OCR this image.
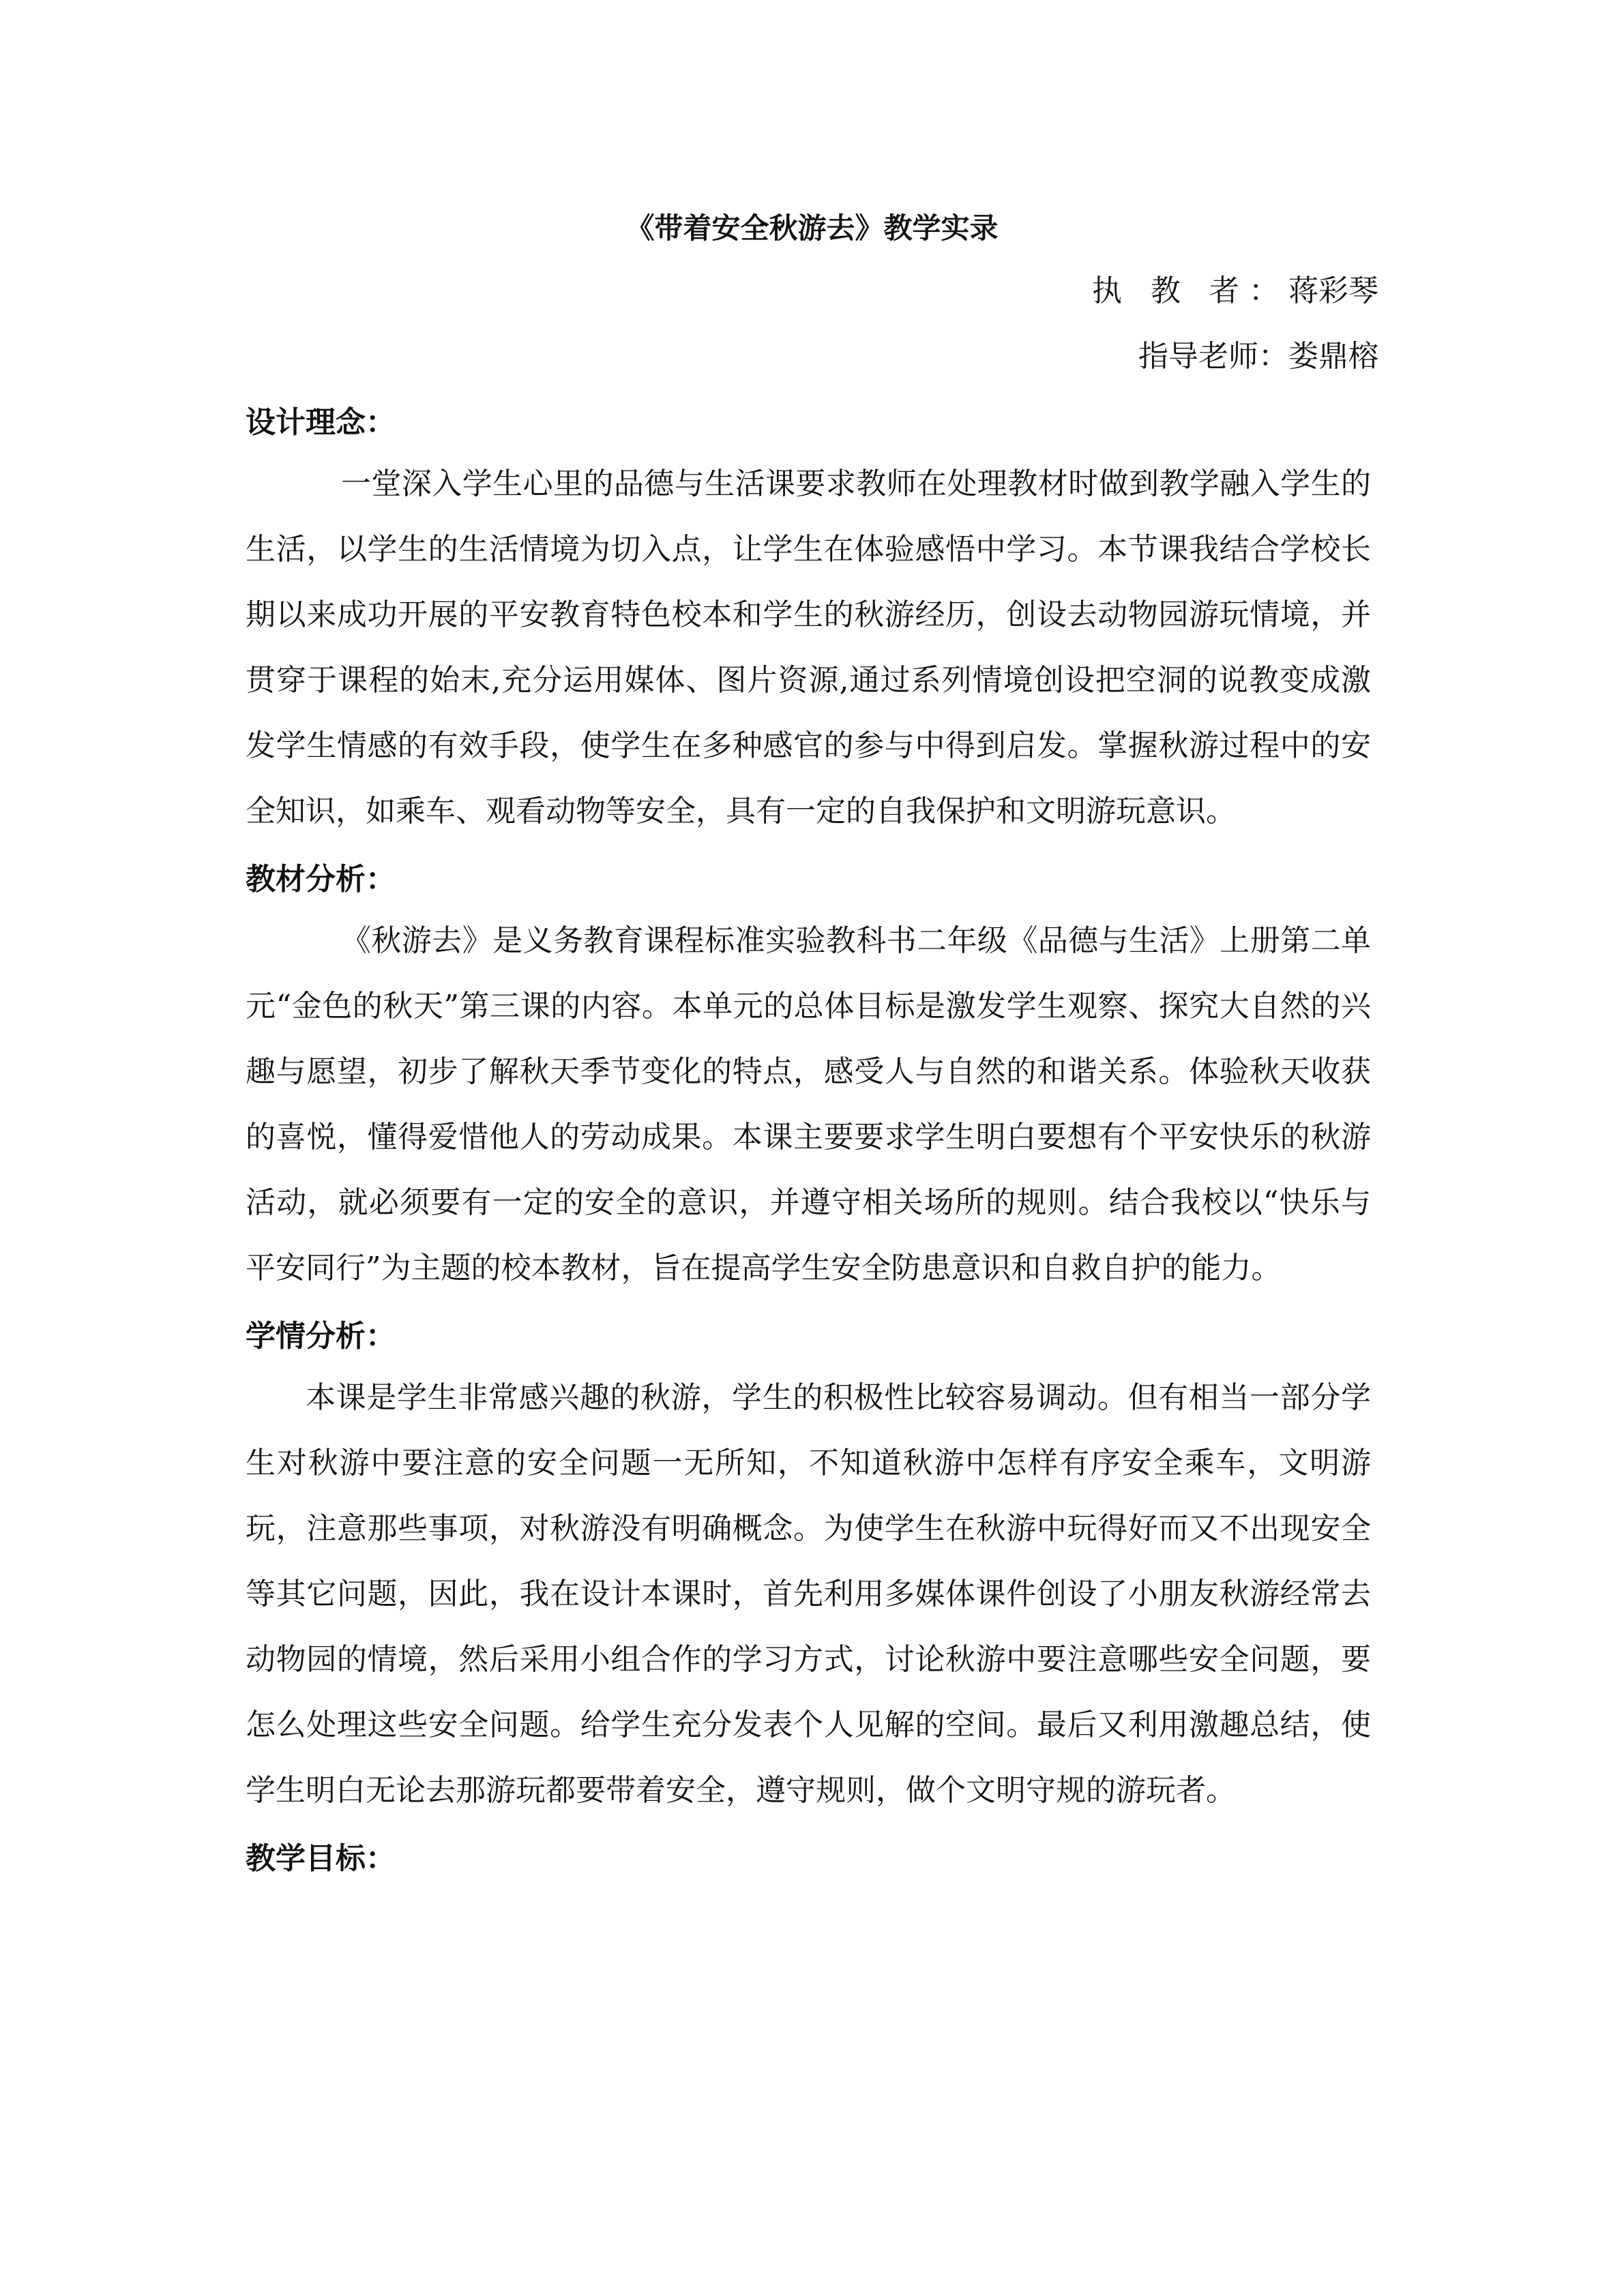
《带着安全秋游去》教学实录
执 教 者：蒋彩琴
指导老师：娄鼎榕
设计理念：

一堂深入学生心里的品德与生活课要求教师在处理教材时做到教学融入学生的生活，以学生的生活情境为切入点，让学生在体验感悟中学习。本节课我结合学校长期以来成功开展的平安教育特色校本和学生的秋游经历，创设去动物园游玩情境，并贯穿于课程的始末,充分运用媒体、图片资源,通过系列情境创设把空洞的说教变成激发学生情感的有效手段，使学生在多种感官的参与中得到启发。掌握秋游过程中的安全知识，如乘车、观看动物等安全，具有一定的自我保护和文明游玩意识。

教材分析：

《秋游去》是义务教育课程标准实验教科书二年级《品德与生活》上册第二单元“金色的秋天”第三课的内容。本单元的总体目标是激发学生观察、探究大自然的兴趣与愿望，初步了解秋天季节变化的特点，感受人与自然的和谐关系。体验秋天收获的喜悦，懂得爱惜他人的劳动成果。本课主要要求学生明白要想有个平安快乐的秋游活动，就必须要有一定的安全的意识，并遵守相关场所的规则。结合我校以“快乐与平安同行”为主题的校本教材，旨在提高学生安全防患意识和自救自护的能力。

学情分析：

本课是学生非常感兴趣的秋游，学生的积极性比较容易调动。但有相当一部分学生对秋游中要注意的安全问题一无所知，不知道秋游中怎样有序安全乘车，文明游玩，注意那些事项，对秋游没有明确概念。为使学生在秋游中玩得好而又不出现安全等其它问题，因此，我在设计本课时，首先利用多媒体课件创设了小朋友秋游经常去动物园的情境，然后采用小组合作的学习方式，讨论秋游中要注意哪些安全问题，要怎么处理这些安全问题。给学生充分发表个人见解的空间。最后又利用激趣总结，使学生明白无论去那游玩都要带着安全，遵守规则，做个文明守规的游玩者。

教学目标：
